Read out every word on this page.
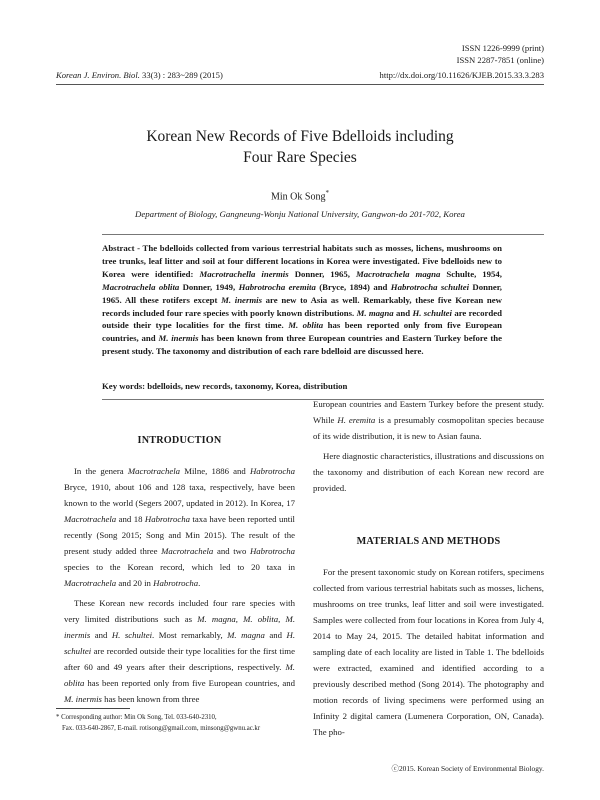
ISSN 1226-9999 (print)
ISSN 2287-7851 (online)
Korean J. Environ. Biol. 33(3) : 283~289 (2015)	http://dx.doi.org/10.11626/KJEB.2015.33.3.283
Korean New Records of Five Bdelloids including
Four Rare Species
Min Ok Song*
Department of Biology, Gangneung-Wonju National University, Gangwon-do 201-702, Korea
Abstract - The bdelloids collected from various terrestrial habitats such as mosses, lichens, mushrooms on tree trunks, leaf litter and soil at four different locations in Korea were investigated. Five bdelloids new to Korea were identified: Macrotrachella inermis Donner, 1965, Macrotrachela magna Schulte, 1954, Macrotrachela oblita Donner, 1949, Habrotrocha eremita (Bryce, 1894) and Habrotrocha schultei Donner, 1965. All these rotifers except M. inermis are new to Asia as well. Remarkably, these five Korean new records included four rare species with poorly known distributions. M. magna and H. schultei are recorded outside their type localities for the first time. M. oblita has been reported only from five European countries, and M. inermis has been known from three European countries and Eastern Turkey before the present study. The taxonomy and distribution of each rare bdelloid are discussed here.
Key words: bdelloids, new records, taxonomy, Korea, distribution

INTRODUCTION

In the genera Macrotrachela Milne, 1886 and Habrotrocha Bryce, 1910, about 106 and 128 taxa, respectively, have been known to the world (Segers 2007, updated in 2012). In Korea, 17 Macrotrachela and 18 Habrotrocha taxa have been reported until recently (Song 2015; Song and Min 2015). The result of the present study added three Macrotrachela and two Habrotrocha species to the Korean record, which led to 20 taxa in Macrotrachela and 20 in Habrotrocha.

These Korean new records included four rare species with very limited distributions such as M. magna, M. oblita, M. inermis and H. schultei. Most remarkably, M. magna and H. schultei are recorded outside their type localities for the first time after 60 and 49 years after their descriptions, respectively. M. oblita has been reported only from five European countries, and M. inermis has been known from three

European countries and Eastern Turkey before the present study. While H. eremita is a presumably cosmopolitan species because of its wide distribution, it is new to Asian fauna.

Here diagnostic characteristics, illustrations and discussions on the taxonomy and distribution of each Korean new record are provided.

MATERIALS AND METHODS

For the present taxonomic study on Korean rotifers, specimens collected from various terrestrial habitats such as mosses, lichens, mushrooms on tree trunks, leaf litter and soil were investigated. Samples were collected from four locations in Korea from July 4, 2014 to May 24, 2015. The detailed habitat information and sampling date of each locality are listed in Table 1. The bdelloids were extracted, examined and identified according to a previously described method (Song 2014). The photography and motion records of living specimens were performed using an Infinity 2 digital camera (Lumenera Corporation, ON, Canada). The pho-

* Corresponding author: Min Ok Song, Tel. 033-640-2310,
Fax. 033-640-2867, E-mail. rotisong@gmail.com, minsong@gwnu.ac.kr
ⓒ2015. Korean Society of Environmental Biology.
